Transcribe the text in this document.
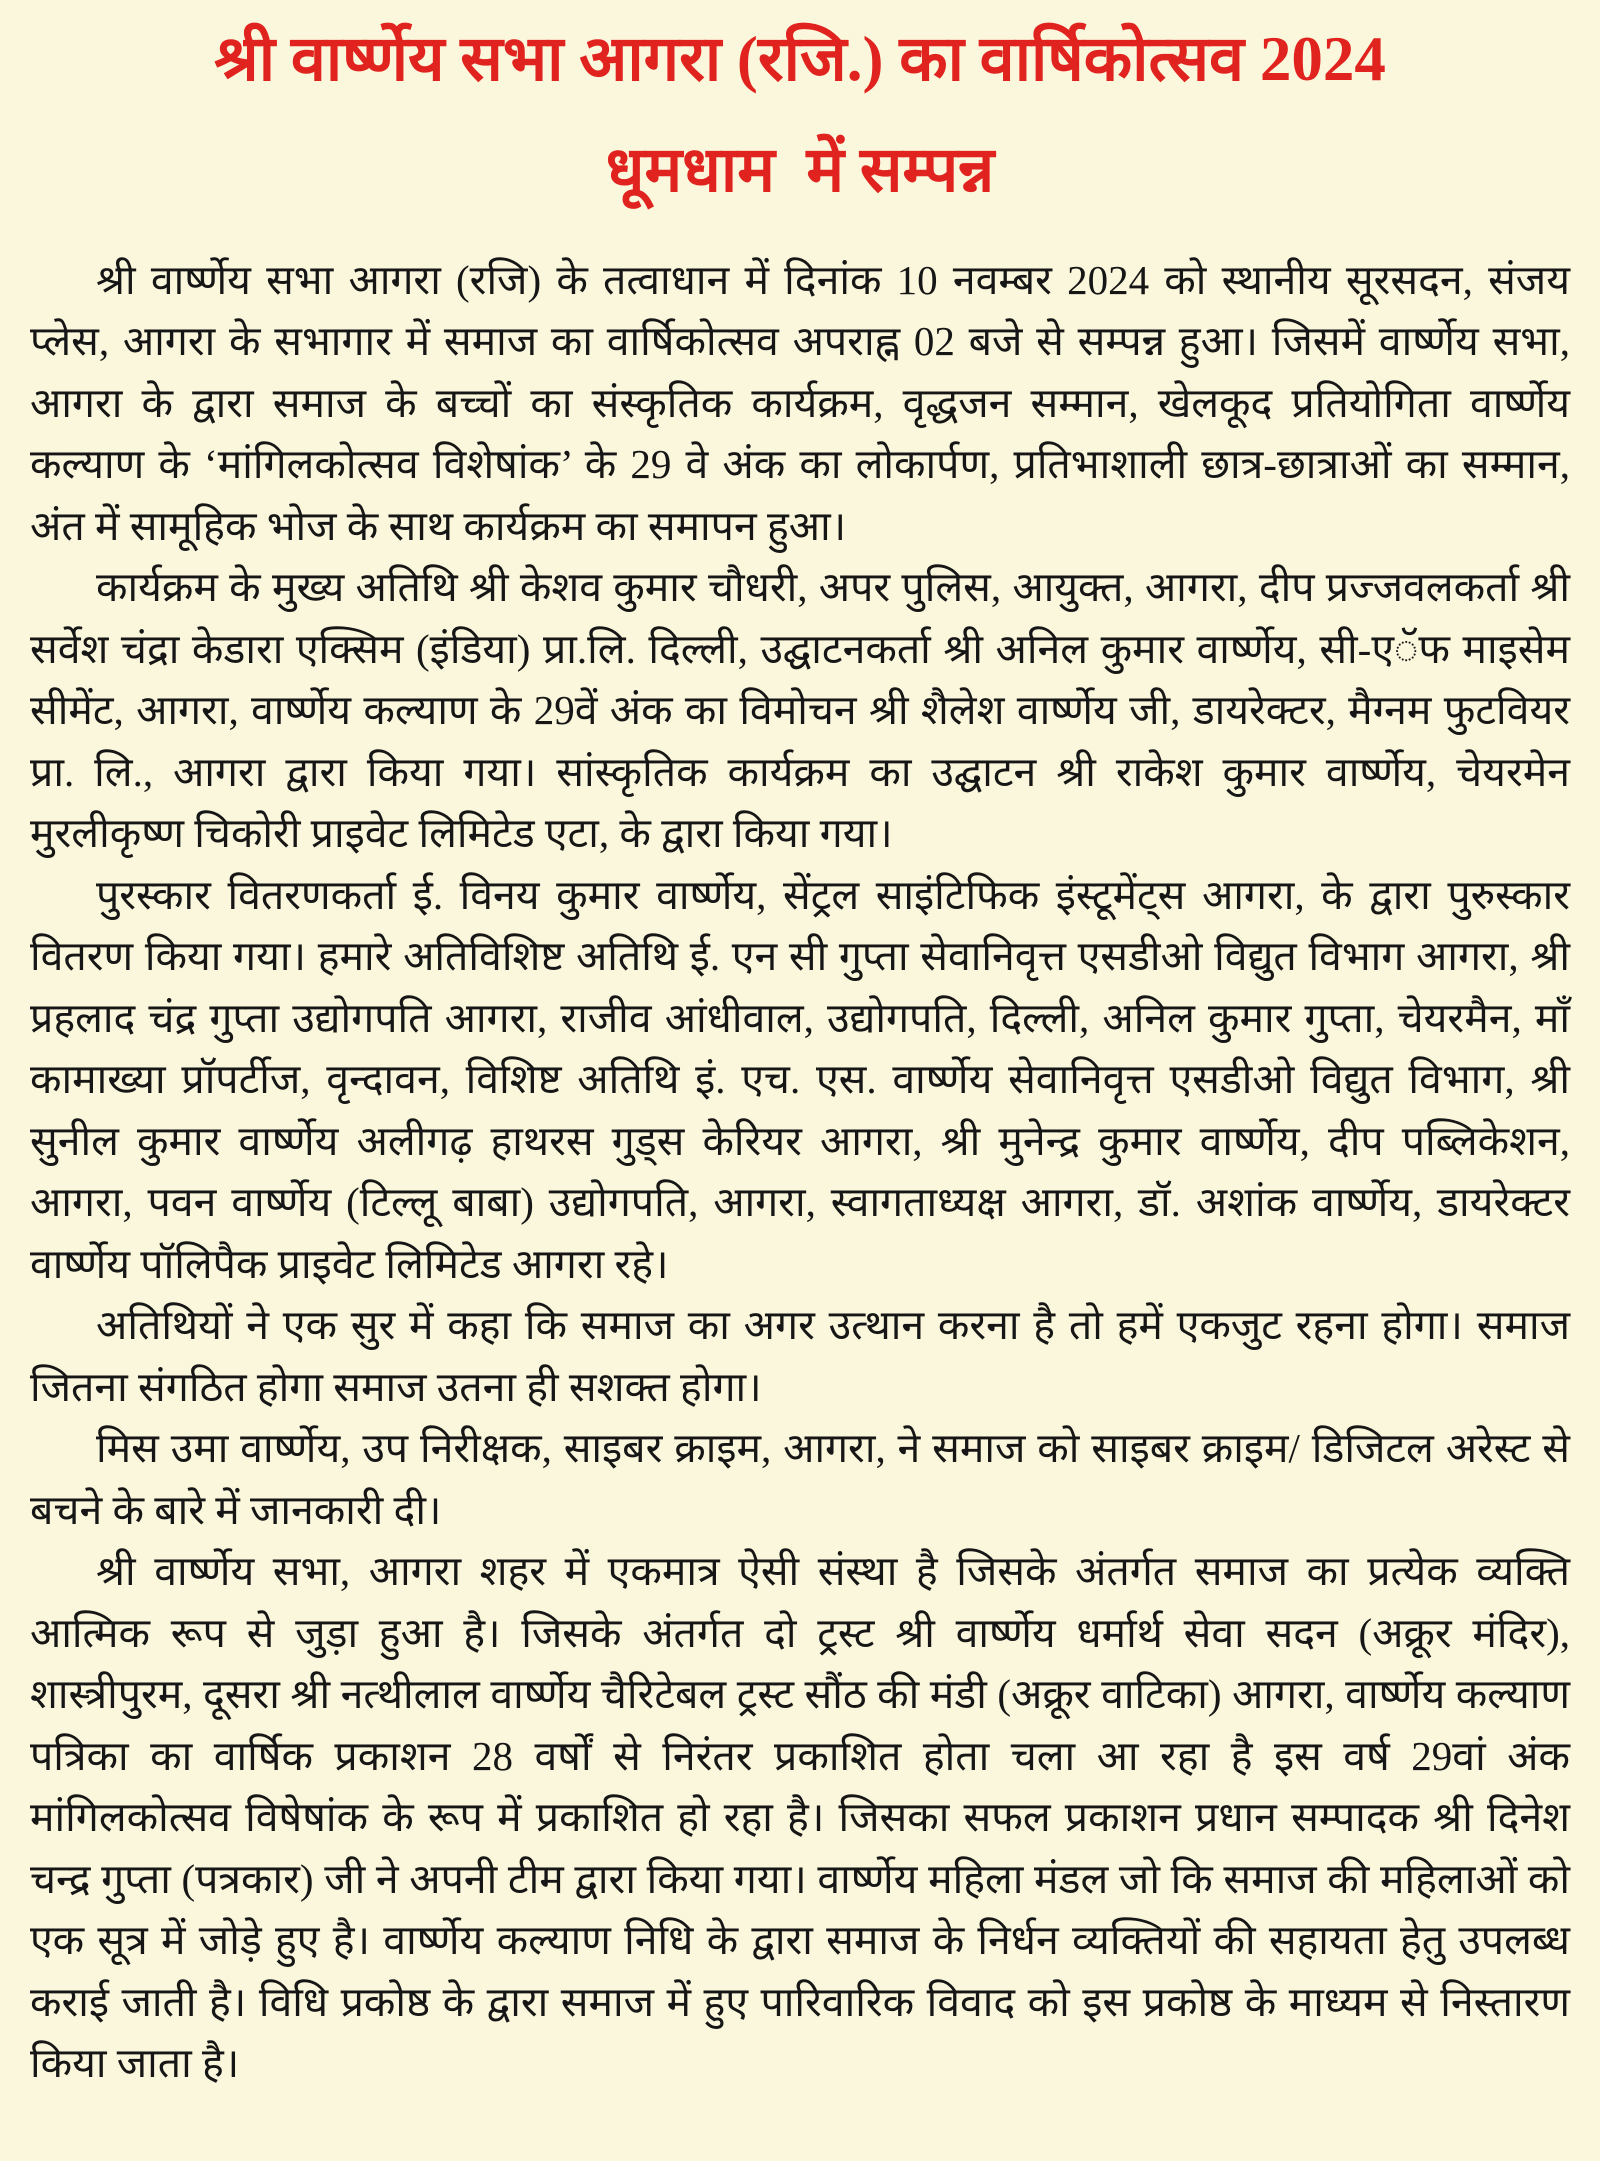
श्री वार्ष्णेय सभा आगरा (रजि.) का वार्षिकोत्सव 2024
धूमधाम  में सम्पन्न

श्री वार्ष्णेय सभा आगरा (रजि) के तत्वाधान में दिनांक 10 नवम्बर 2024 को स्थानीय सूरसदन, संजय प्लेस, आगरा के सभागार में समाज का वार्षिकोत्सव अपराह्न 02 बजे से सम्पन्न हुआ। जिसमें वार्ष्णेय सभा, आगरा के द्वारा समाज के बच्चों का संस्कृतिक कार्यक्रम, वृद्धजन सम्मान, खेलकूद प्रतियोगिता वार्ष्णेय कल्याण के ‘मांगिलकोत्सव विशेषांक’ के 29 वे अंक का लोकार्पण, प्रतिभाशाली छात्र-छात्राओं का सम्मान, अंत में सामूहिक भोज के साथ कार्यक्रम का समापन हुआ।

कार्यक्रम के मुख्य अतिथि श्री केशव कुमार चौधरी, अपर पुलिस, आयुक्त, आगरा, दीप प्रज्जवलकर्ता श्री सर्वेश चंद्रा केडारा एक्सिम (इंडिया) प्रा.लि. दिल्ली, उद्घाटनकर्ता श्री अनिल कुमार वार्ष्णेय, सी-एॅफ माइसेम सीमेंट, आगरा, वार्ष्णेय कल्याण के 29वें अंक का विमोचन श्री शैलेश वार्ष्णेय जी, डायरेक्टर, मैग्नम फुटवियर प्रा. लि., आगरा द्वारा किया गया। सांस्कृतिक कार्यक्रम का उद्घाटन श्री राकेश कुमार वार्ष्णेय, चेयरमेन मुरलीकृष्ण चिकोरी प्राइवेट लिमिटेड एटा, के द्वारा किया गया।

पुरस्कार वितरणकर्ता ई. विनय कुमार वार्ष्णेय, सेंट्रल साइंटिफिक इंस्टूमेंट्स आगरा, के द्वारा पुरुस्कार वितरण किया गया। हमारे अतिविशिष्ट अतिथि ई. एन सी गुप्ता सेवानिवृत्त एसडीओ विद्युत विभाग आगरा, श्री प्रहलाद चंद्र गुप्ता उद्योगपति आगरा, राजीव आंधीवाल, उद्योगपति, दिल्ली, अनिल कुमार गुप्ता, चेयरमैन, माँ कामाख्या प्रॉपर्टीज, वृन्दावन, विशिष्ट अतिथि इं. एच. एस. वार्ष्णेय सेवानिवृत्त एसडीओ विद्युत विभाग, श्री सुनील कुमार वार्ष्णेय अलीगढ़ हाथरस गुड्स केरियर आगरा, श्री मुनेन्द्र कुमार वार्ष्णेय, दीप पब्लिकेशन, आगरा, पवन वार्ष्णेय (टिल्लू बाबा) उद्योगपति, आगरा, स्वागताध्यक्ष आगरा, डॉ. अशांक वार्ष्णेय, डायरेक्टर वार्ष्णेय पॉलिपैक प्राइवेट लिमिटेड आगरा रहे।

अतिथियों ने एक सुर में कहा कि समाज का अगर उत्थान करना है तो हमें एकजुट रहना होगा। समाज जितना संगठित होगा समाज उतना ही सशक्त होगा।

मिस उमा वार्ष्णेय, उप निरीक्षक, साइबर क्राइम, आगरा, ने समाज को साइबर क्राइम/ डिजिटल अरेस्ट से बचने के बारे में जानकारी दी।

श्री वार्ष्णेय सभा, आगरा शहर में एकमात्र ऐसी संस्था है जिसके अंतर्गत समाज का प्रत्येक व्यक्ति आत्मिक रूप से जुड़ा हुआ है। जिसके अंतर्गत दो ट्रस्ट श्री वार्ष्णेय धर्मार्थ सेवा सदन (अक्रूर मंदिर), शास्त्रीपुरम, दूसरा श्री नत्थीलाल वार्ष्णेय चैरिटेबल ट्रस्ट सौंठ की मंडी (अक्रूर वाटिका) आगरा, वार्ष्णेय कल्याण पत्रिका का वार्षिक प्रकाशन 28 वर्षों से निरंतर प्रकाशित होता चला आ रहा है इस वर्ष 29वां अंक मांगिलकोत्सव विषेषांक के रूप में प्रकाशित हो रहा है। जिसका सफल प्रकाशन प्रधान सम्पादक श्री दिनेश चन्द्र गुप्ता (पत्रकार) जी ने अपनी टीम द्वारा किया गया। वार्ष्णेय महिला मंडल जो कि समाज की महिलाओं को एक सूत्र में जोड़े हुए है। वार्ष्णेय कल्याण निधि के द्वारा समाज के निर्धन व्यक्तियों की सहायता हेतु उपलब्ध कराई जाती है। विधि प्रकोष्ठ के द्वारा समाज में हुए पारिवारिक विवाद को इस प्रकोष्ठ के माध्यम से निस्तारण किया जाता है।
